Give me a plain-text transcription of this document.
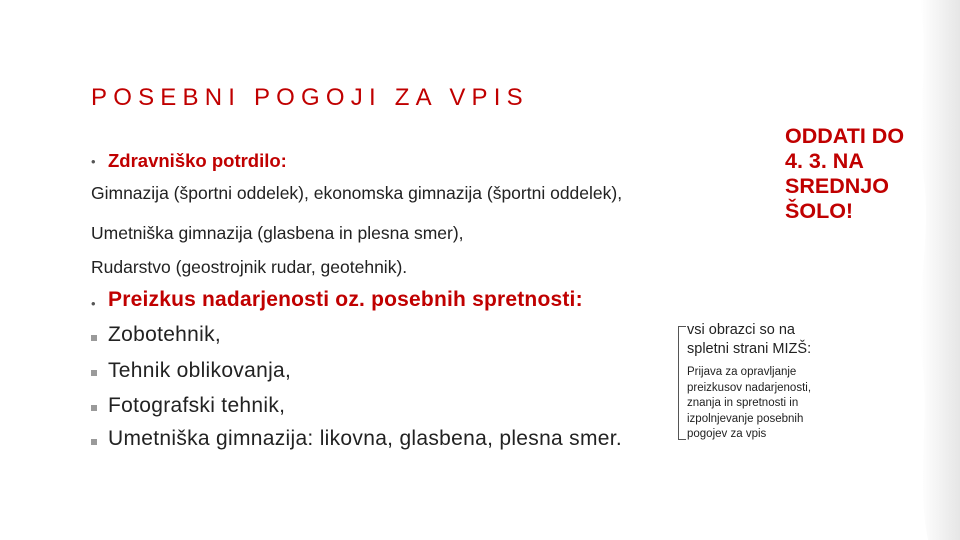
POSEBNI POGOJI ZA VPIS
ODDATI DO
4. 3. NA
SREDNJO
ŠOLO!
• Zdravniško potrdilo:
Gimnazija (športni oddelek), ekonomska gimnazija (športni oddelek),
Umetniška gimnazija (glasbena in plesna smer),
Rudarstvo (geostrojnik rudar, geotehnik).
• Preizkus nadarjenosti oz. posebnih spretnosti:
Zobotehnik,
Tehnik oblikovanja,
Fotografski tehnik,
Umetniška gimnazija: likovna, glasbena, plesna smer.
vsi obrazci so na
spletni strani MIZŠ:
Prijava za opravljanje
preizkusov nadarjenosti,
znanja in spretnosti in
izpolnjevanje posebnih
pogojev za vpis
